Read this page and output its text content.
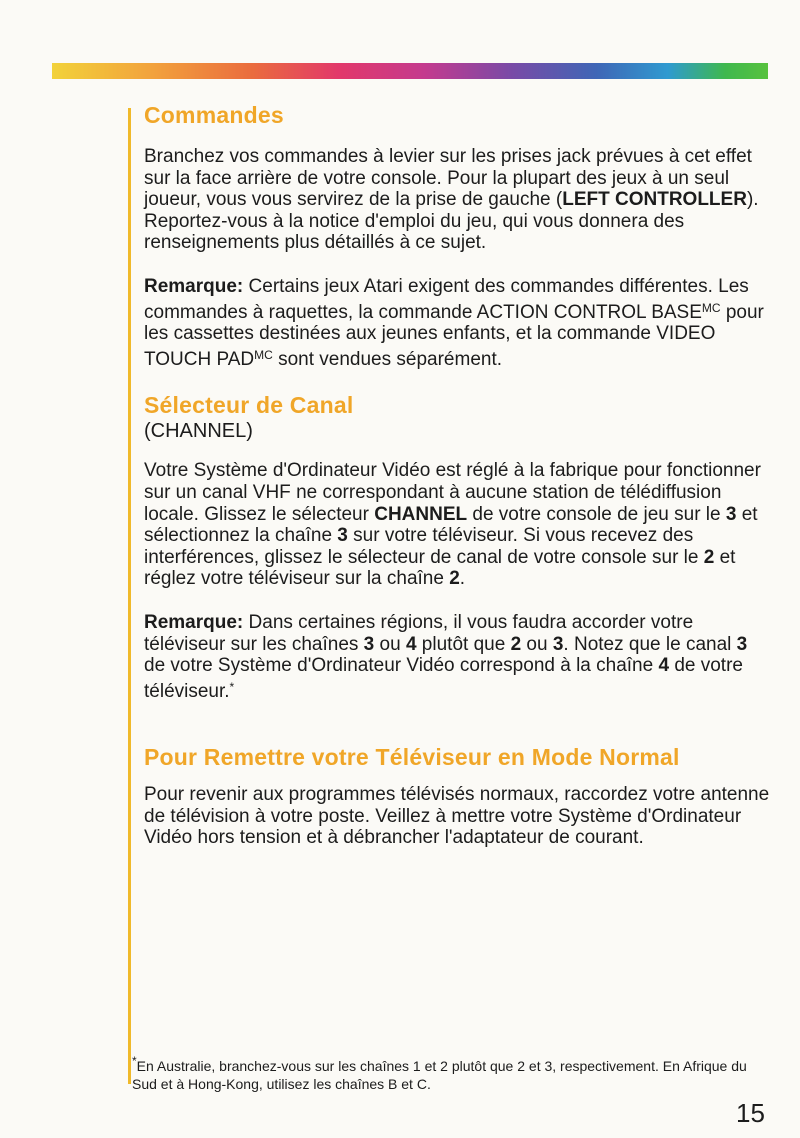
Commandes

Branchez vos commandes à levier sur les prises jack prévues à cet effet sur la face arrière de votre console. Pour la plupart des jeux à un seul joueur, vous vous servirez de la prise de gauche (LEFT CONTROLLER). Reportez-vous à la notice d'emploi du jeu, qui vous donnera des renseignements plus détaillés à ce sujet.

Remarque: Certains jeux Atari exigent des commandes différentes. Les commandes à raquettes, la commande ACTION CONTROL $BASE^{MC}$ pour les cassettes destinées aux jeunes enfants, et la commande VIDEO TOUCH $PAD^{MC}$ sont vendues séparément.

Sélecteur de Canal
(CHANNEL)

Votre Système d'Ordinateur Vidéo est réglé à la fabrique pour fonctionner sur un canal VHF ne correspondant à aucune station de télédiffusion locale. Glissez le sélecteur CHANNEL de votre console de jeu sur le 3 et sélectionnez la chaîne 3 sur votre téléviseur. Si vous recevez des interférences, glissez le sélecteur de canal de votre console sur le 2 et réglez votre téléviseur sur la chaîne 2.

Remarque: Dans certaines régions, il vous faudra accorder votre téléviseur sur les chaînes 3 ou 4 plutôt que 2 ou 3. Notez que le canal 3 de votre Système d'Ordinateur Vidéo correspond à la chaîne 4 de votre téléviseur.*

Pour Remettre votre Téléviseur en Mode Normal

Pour revenir aux programmes télévisés normaux, raccordez votre antenne de télévision à votre poste. Veillez à mettre votre Système d'Ordinateur Vidéo hors tension et à débrancher l'adaptateur de courant.

*En Australie, branchez-vous sur les chaînes 1 et 2 plutôt que 2 et 3, respectivement. En Afrique du Sud et à Hong-Kong, utilisez les chaînes B et C.
15
